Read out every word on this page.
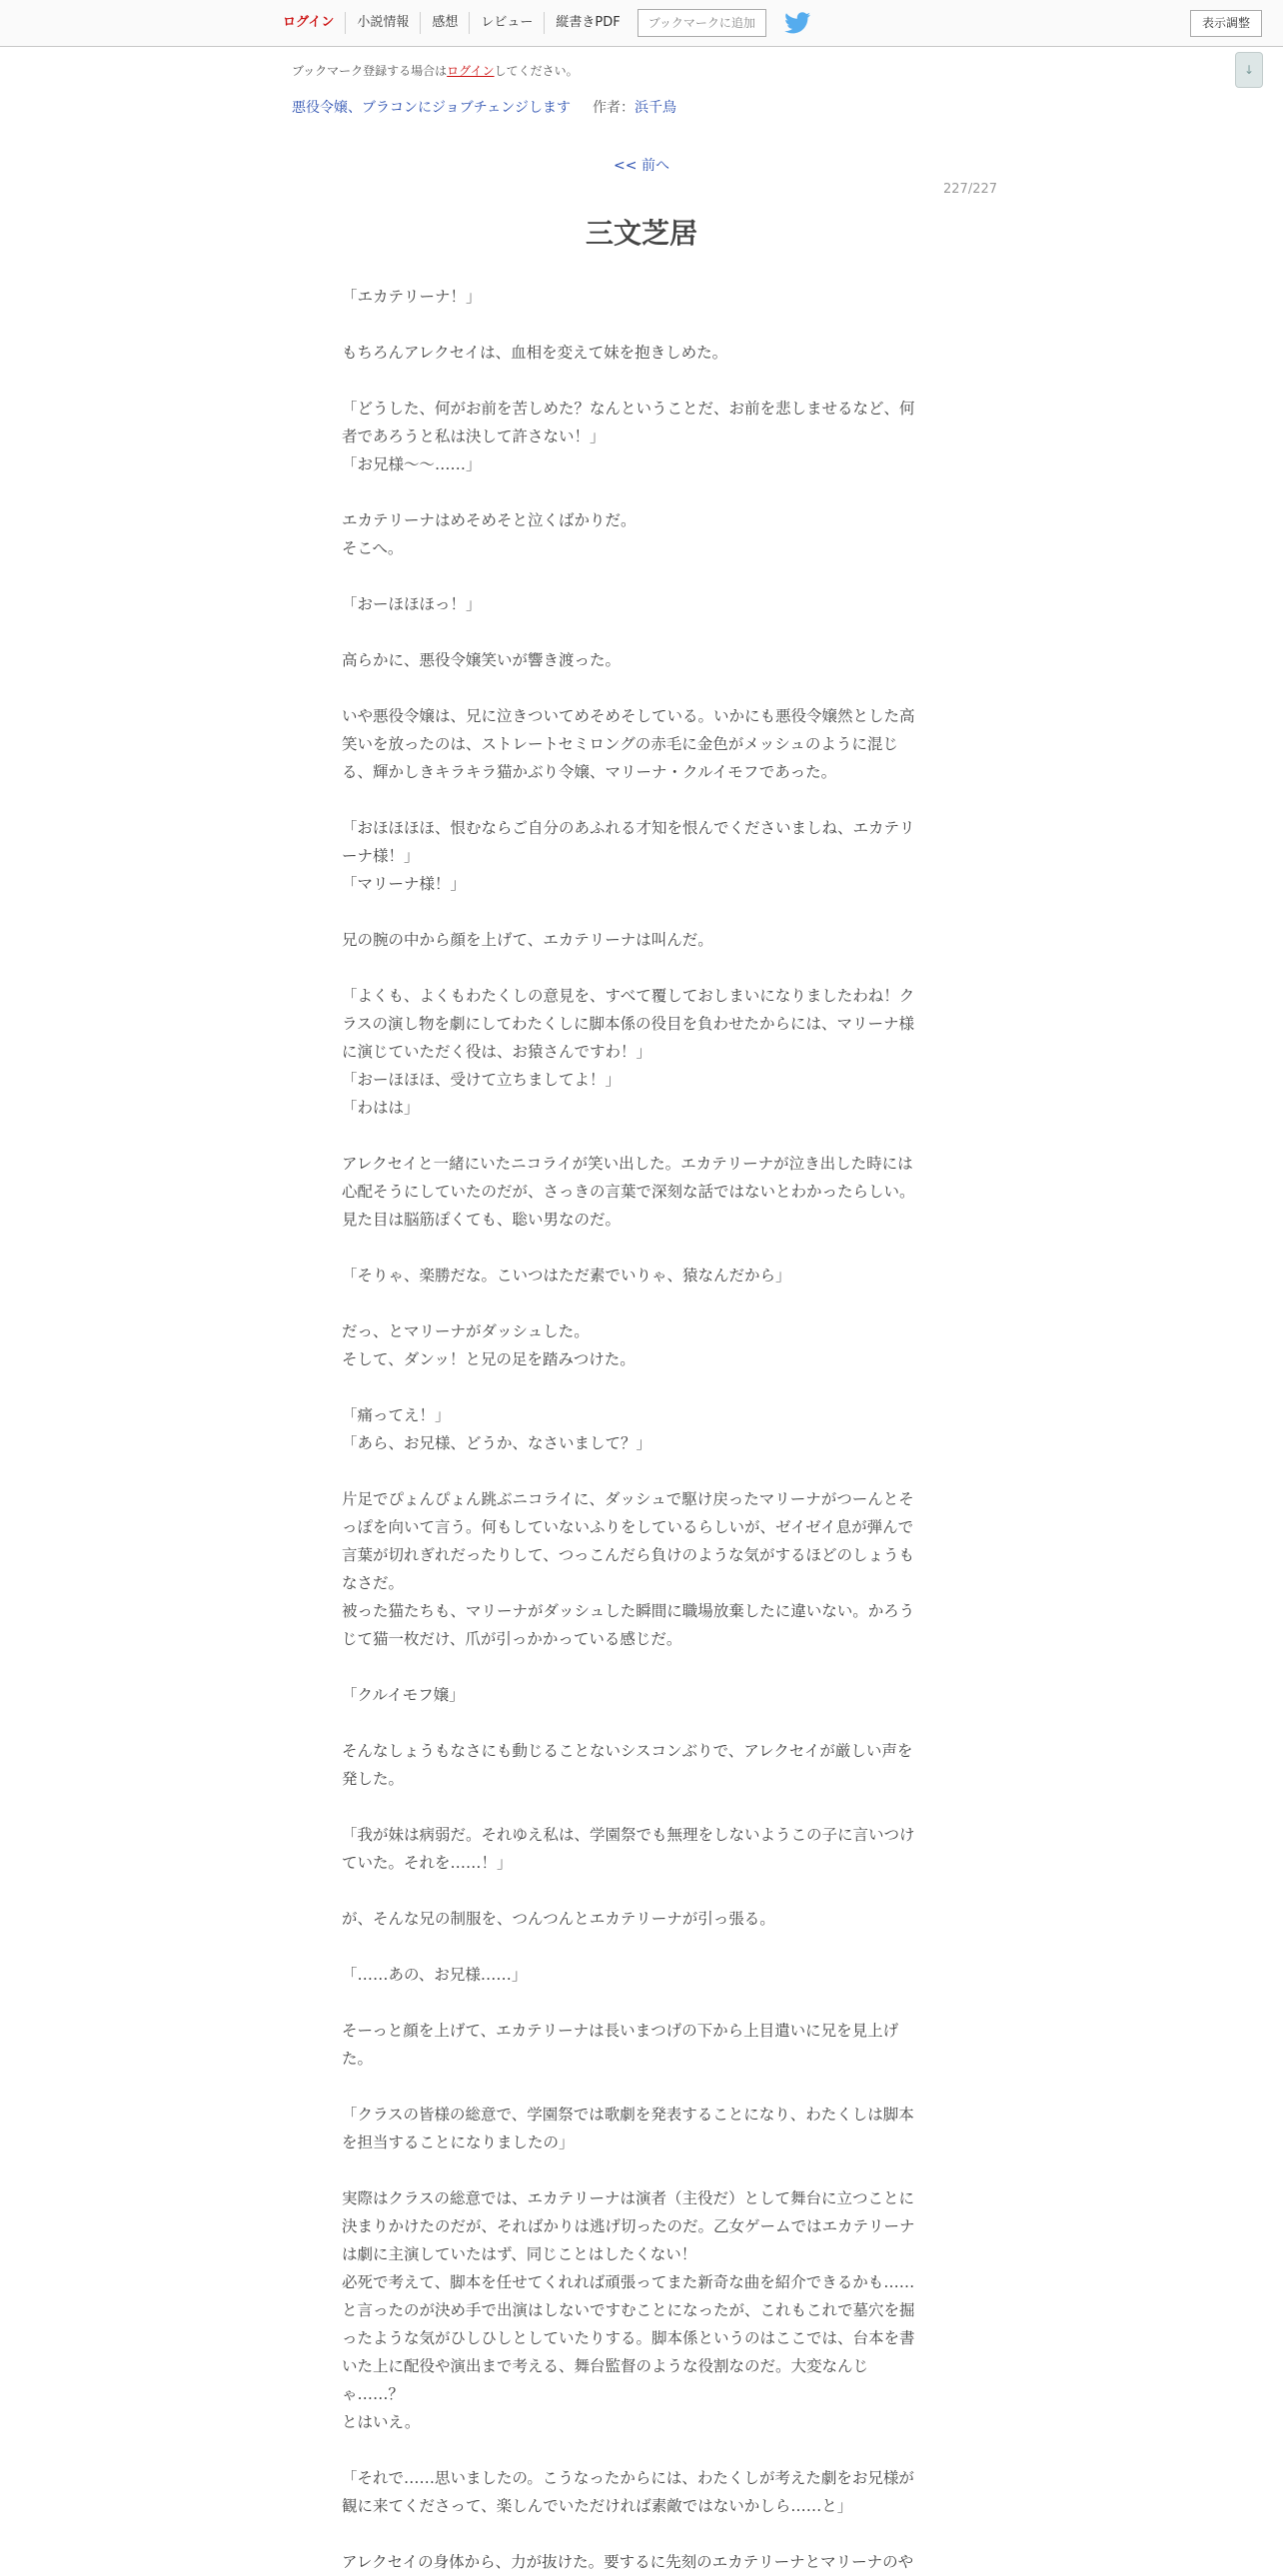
ログイン	小説情報	感想	レビュー	縦書きPDF	ブックマークに追加	表示調整
↓
ブックマーク登録する場合はログインしてください。
悪役令嬢、ブラコンにジョブチェンジします 作者：浜千鳥
<< 前へ
227/227
三文芝居

「エカテリーナ！」

もちろんアレクセイは、血相を変えて妹を抱きしめた。

「どうした、何がお前を苦しめた？なんということだ、お前を悲しませるなど、何

者であろうと私は決して許さない！」

「お兄様〜〜……」

エカテリーナはめそめそと泣くばかりだ。

そこへ。

「おーほほほっ！」

高らかに、悪役令嬢笑いが響き渡った。

いや悪役令嬢は、兄に泣きついてめそめそしている。いかにも悪役令嬢然とした高

笑いを放ったのは、ストレートセミロングの赤毛に金色がメッシュのように混じ

る、輝かしきキラキラ猫かぶり令嬢、マリーナ・クルイモフであった。

「おほほほほ、恨むならご自分のあふれる才知を恨んでくださいましね、エカテリ

ーナ様！」

「マリーナ様！」

兄の腕の中から顔を上げて、エカテリーナは叫んだ。

「よくも、よくもわたくしの意見を、すべて覆しておしまいになりましたわね！ク

ラスの演し物を劇にしてわたくしに脚本係の役目を負わせたからには、マリーナ様

に演じていただく役は、お猿さんですわ！」

「おーほほほ、受けて立ちましてよ！」

「わはは」

アレクセイと一緒にいたニコライが笑い出した。エカテリーナが泣き出した時には

心配そうにしていたのだが、さっきの言葉で深刻な話ではないとわかったらしい。

見た目は脳筋ぽくても、聡い男なのだ。

「そりゃ、楽勝だな。こいつはただ素でいりゃ、猿なんだから」

だっ、とマリーナがダッシュした。

そして、ダンッ！と兄の足を踏みつけた。

「痛ってえ！」

「あら、お兄様、どうか、なさいまして？」

片足でぴょんぴょん跳ぶニコライに、ダッシュで駆け戻ったマリーナがつーんとそ

っぽを向いて言う。何もしていないふりをしているらしいが、ゼイゼイ息が弾んで

言葉が切れぎれだったりして、つっこんだら負けのような気がするほどのしょうも

なさだ。

被った猫たちも、マリーナがダッシュした瞬間に職場放棄したに違いない。かろう

じて猫一枚だけ、爪が引っかかっている感じだ。

「クルイモフ嬢」

そんなしょうもなさにも動じることないシスコンぶりで、アレクセイが厳しい声を

発した。

「我が妹は病弱だ。それゆえ私は、学園祭でも無理をしないようこの子に言いつけ

ていた。それを……！」

が、そんな兄の制服を、つんつんとエカテリーナが引っ張る。

「……あの、お兄様……」

そーっと顔を上げて、エカテリーナは長いまつげの下から上目遣いに兄を見上げ

た。

「クラスの皆様の総意で、学園祭では歌劇を発表することになり、わたくしは脚本

を担当することになりましたの」

実際はクラスの総意では、エカテリーナは演者（主役だ）として舞台に立つことに

決まりかけたのだが、そればかりは逃げ切ったのだ。乙女ゲームではエカテリーナ

は劇に主演していたはず、同じことはしたくない！

必死で考えて、脚本を任せてくれれば頑張ってまた新奇な曲を紹介できるかも……

と言ったのが決め手で出演はしないですむことになったが、これもこれで墓穴を掘

ったような気がひしひしとしていたりする。脚本係というのはここでは、台本を書

いた上に配役や演出まで考える、舞台監督のような役割なのだ。大変なんじ

ゃ……？

とはいえ。

「それで……思いましたの。こうなったからには、わたくしが考えた劇をお兄様が

観に来てくださって、楽しんでいただければ素敵ではないかしら……と」

アレクセイの身体から、力が抜けた。要するに先刻のエカテリーナとマリーナのや
